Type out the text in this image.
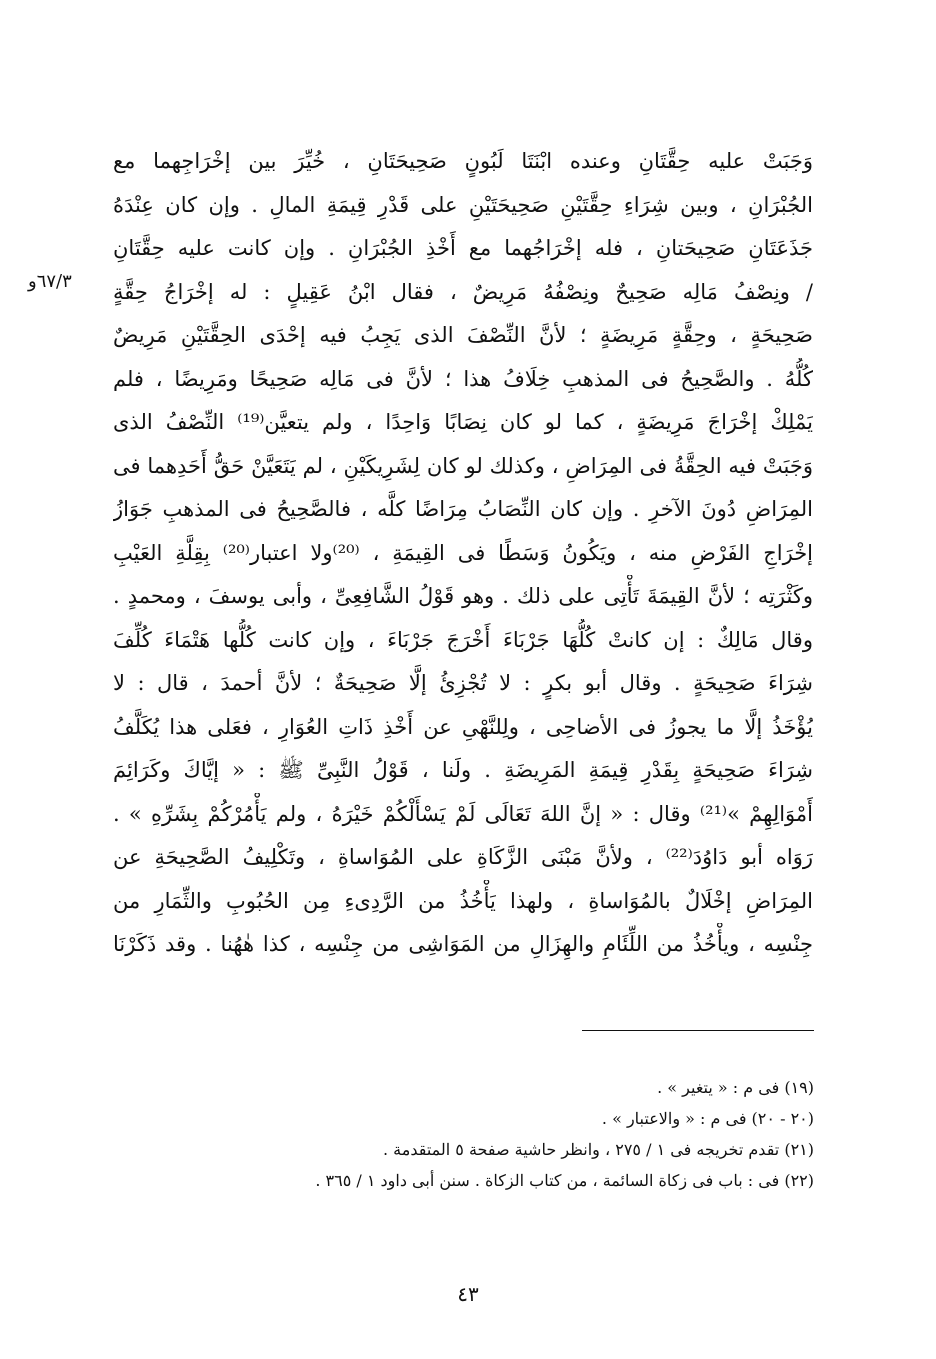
٦٧/٣و
وَجَبَتْ عليه حِقَّتَانِ وعنده ابْنَتَا لَبُونٍ صَحِيحَتَانِ ، خُيِّرَ بين إخْرَاجِهما مع
الجُبْرَانِ ، وبين شِرَاءِ حِقَّتَيْنِ صَحِيحَتَيْنِ على قَدْرِ قِيمَةِ المالِ . وإن كان عِنْدَهُ
جَذَعَتَانِ صَحِيحَتانِ ، فله إخْرَاجُهما مع أَخْذِ الجُبْرَانِ . وإن كانت عليه حِقَّتَانِ
/ ونِصْفُ مَالِه صَحِيحٌ ونِصْفُهُ مَرِيضٌ ، فقال ابْنُ عَقِيلٍ : له إخْرَاجُ حِقَّةٍ
صَحِيحَةٍ ، وحِقَّةٍ مَرِيضَةٍ ؛ لأنَّ النِّصْفَ الذى يَجِبُ فيه إحْدَى الحِقَّتَيْنِ مَرِيضٌ
كُلُّهُ . والصَّحِيحُ فى المذهبِ خِلَافُ هذا ؛ لأنَّ فى مَالِه صَحِيحًا ومَرِيضًا ، فلم
يَمْلِكْ إخْرَاجَ مَرِيضَةٍ ، كما لو كان نِصَابًا وَاحِدًا ، ولم يتعيَّن⁽¹⁹⁾ النِّصْفُ الذى
وَجَبَتْ فيه الحِقَّةُ فى المِرَاضِ ، وكذلك لو كان لِشَرِيكَيْنِ ، لم يَتَعَيَّنْ حَقُّ أَحَدِهما فى
المِرَاضِ دُونَ الآخرِ . وإن كان النِّصَابُ مِرَاضًا كلَّه ، فالصَّحِيحُ فى المذهبِ جَوَازُ
إخْرَاجِ الفَرْضِ منه ، ويَكُونُ وَسَطًا فى القِيمَةِ ، ⁽²⁰⁾ولا اعتبار⁽²⁰⁾ بِقِلَّةِ العَيْبِ
وكَثْرَتِه ؛ لأنَّ القِيمَةَ تَأْتِى على ذلك . وهو قَوْلُ الشَّافِعِىِّ ، وأبى يوسفَ ، ومحمدٍ .
وقال مَالِكٌ : إن كانتْ كُلُّهَا جَرْبَاءَ أَخْرَجَ جَرْبَاءَ ، وإن كانت كُلُّها هَتْمَاءَ كُلِّفَ
شِرَاءَ صَحِيحَةٍ . وقال أبو بكرٍ : لا تُجْزِئُ إلَّا صَحِيحَةٌ ؛ لأنَّ أحمدَ ، قال : لا
يُؤْخَذُ إلَّا ما يجوزُ فى الأضاحِى ، ولِلنَّهْىِ عن أَخْذِ ذَاتِ العُوَارِ ، فعَلى هذا يُكَلَّفُ
شِرَاءَ صَحِيحَةٍ بِقَدْرِ قِيمَةِ المَرِيضَةِ . ولَنا ، قَوْلُ النَّبِىِّ ﷺ : « إيَّاكَ وكَرَائِمَ
أَمْوَالِهِمْ »⁽²¹⁾ وقال : « إنَّ اللهَ تَعَالَى لَمْ يَسْأَلْكُمْ خَيْرَهُ ، ولم يَأْمُرْكُمْ بِشَرِّهِ » .
رَوَاه أبو دَاوُدَ⁽²²⁾ ، ولأنَّ مَبْنَى الزَّكَاةِ على المُوَاساةِ ، وتَكْلِيفُ الصَّحِيحَةِ عن
المِرَاضِ إخْلَالٌ بالمُوَاساةِ ، ولهذا يَأْخُذُ من الرَّدِىءِ مِن الحُبُوبِ والثِّمَارِ من
جِنْسِه ، ويأْخُذُ من اللِّئَامِ والهِزَالِ من المَوَاشِى من جِنْسِه ، كذا هٰهُنا . وقد ذَكَرْنَا
(١٩) فى م : « يتغير » .
(٢٠ - ٢٠) فى م : « والاعتبار » .
(٢١) تقدم تخريجه فى ١ / ٢٧٥ ، وانظر حاشية صفحة ٥ المتقدمة .
(٢٢) فى : باب فى زكاة السائمة ، من كتاب الزكاة . سنن أبى داود ١ / ٣٦٥ .
٤٣
